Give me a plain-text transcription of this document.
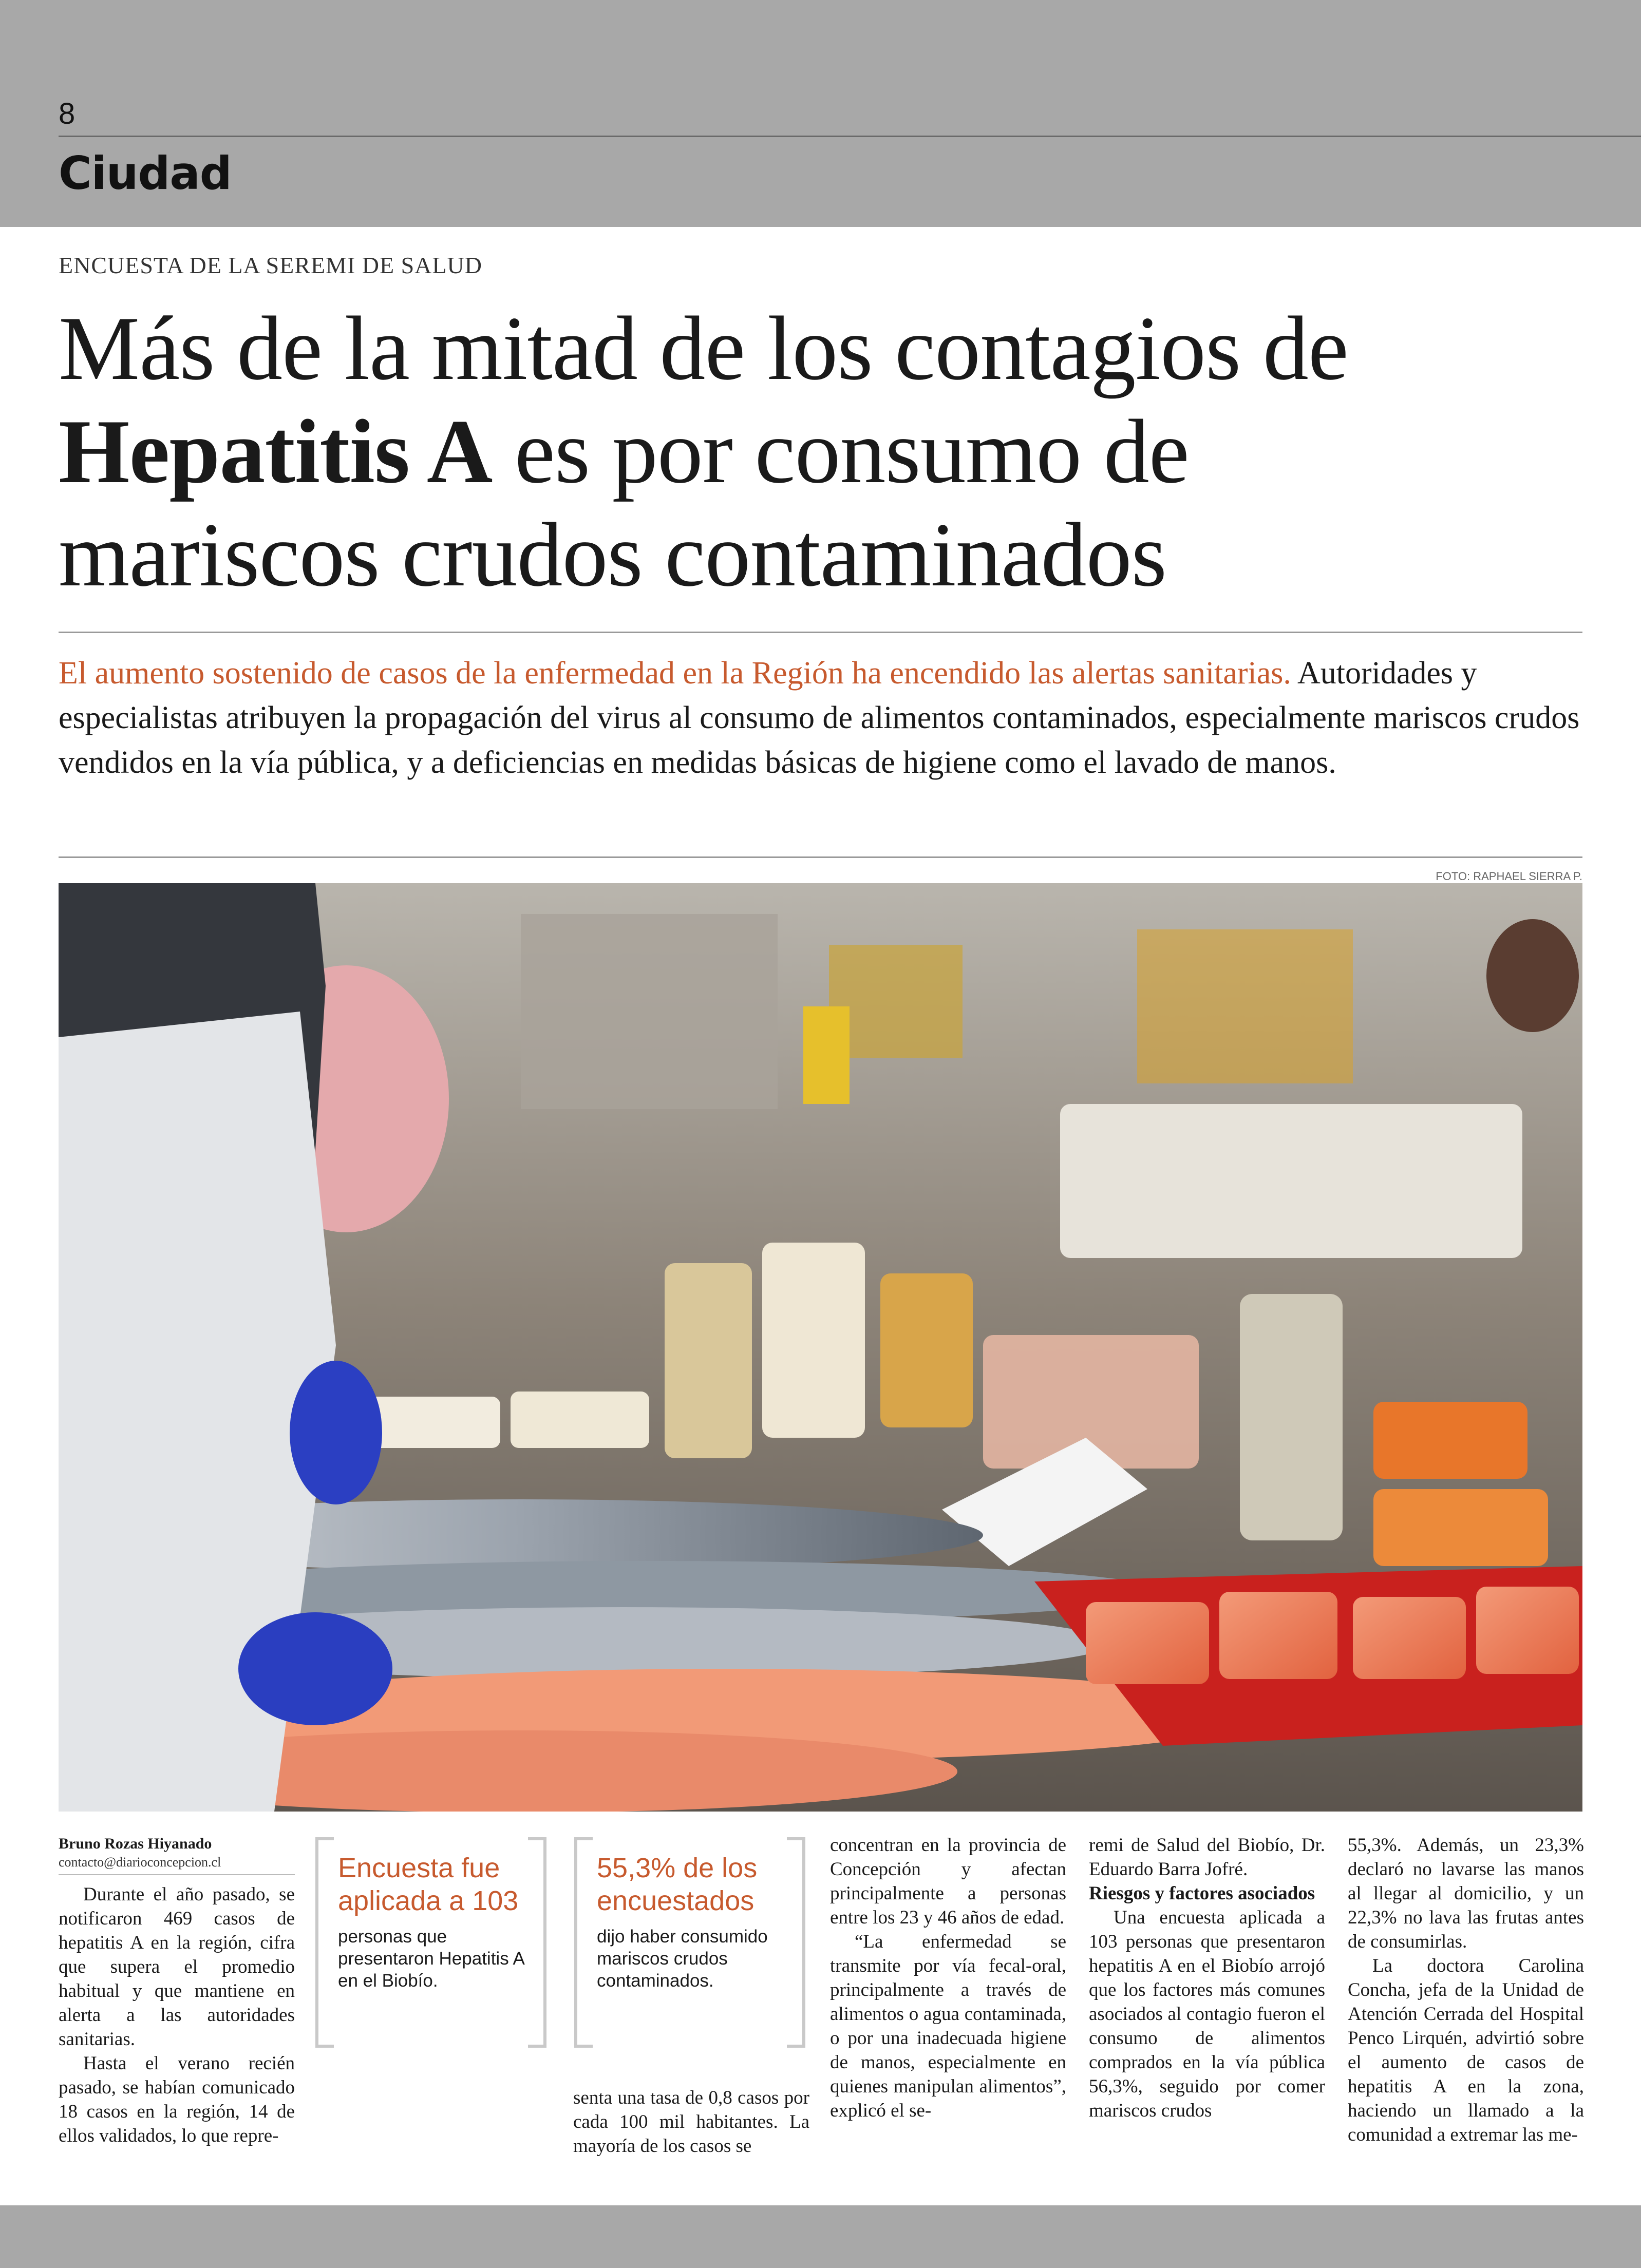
8
Ciudad
ENCUESTA DE LA SEREMI DE SALUD
Más de la mitad de los contagios de
Hepatitis A es por consumo de
mariscos crudos contaminados
El aumento sostenido de casos de la enfermedad en la Región ha encendido las alertas sanitarias. Autoridades y especialistas atribuyen la propagación del virus al consumo de alimentos contaminados, especialmente mariscos crudos vendidos en la vía pública, y a deficiencias en medidas básicas de higiene como el lavado de manos.
FOTO: RAPHAEL SIERRA P.
Bruno Rozas Hiyanado
contacto@diarioconcepcion.cl

Durante el año pasado, se notificaron 469 casos de hepatitis A en la región, cifra que supera el promedio habitual y que mantiene en alerta a las autoridades sanitarias.

Hasta el verano recién pasado, se habían comunicado 18 casos en la región, 14 de ellos validados, lo que repre-

Encuesta fue aplicada a 103
personas que presentaron Hepatitis A en el Biobío.
55,3% de los encuestados
dijo haber consumido mariscos crudos contaminados.

senta una tasa de 0,8 casos por cada 100 mil habitantes. La mayoría de los casos se

concentran en la provincia de Concepción y afectan principalmente a personas entre los 23 y 46 años de edad.

“La enfermedad se transmite por vía fecal-oral, principalmente a través de alimentos o agua contaminada, o por una inadecuada higiene de manos, especialmente en quienes manipulan alimentos”, explicó el se-

remi de Salud del Biobío, Dr. Eduardo Barra Jofré.

Riesgos y factores asociados

Una encuesta aplicada a 103 personas que presentaron hepatitis A en el Biobío arrojó que los factores más comunes asociados al contagio fueron el consumo de alimentos comprados en la vía pública 56,3%, seguido por comer mariscos crudos

55,3%. Además, un 23,3% declaró no lavarse las manos al llegar al domicilio, y un 22,3% no lava las frutas antes de consumirlas.

La doctora Carolina Concha, jefa de la Unidad de Atención Cerrada del Hospital Penco Lirquén, advirtió sobre el aumento de casos de hepatitis A en la zona, haciendo un llamado a la comunidad a extremar las me-
